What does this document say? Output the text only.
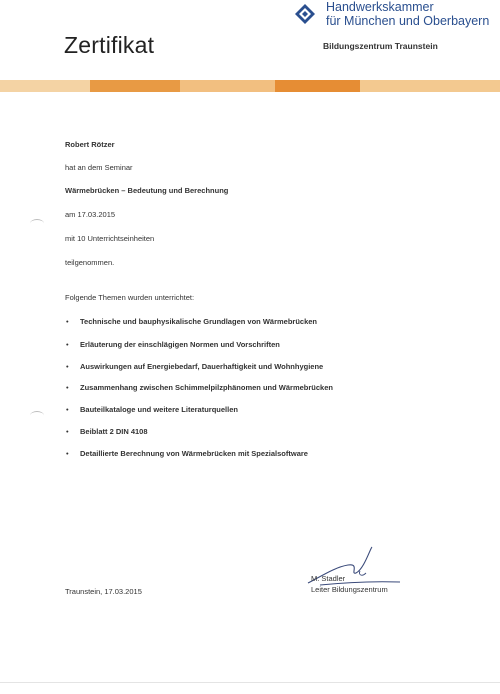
Handwerkskammer
für München und Oberbayern
Zertifikat	Bildungszentrum Traunstein
Robert Rötzer
hat an dem Seminar
Wärmebrücken – Bedeutung und Berechnung
am 17.03.2015
mit 10 Unterrichtseinheiten
teilgenommen.
Folgende Themen wurden unterrichtet:
• Technische und bauphysikalische Grundlagen von Wärmebrücken
• Erläuterung der einschlägigen Normen und Vorschriften
• Auswirkungen auf Energiebedarf, Dauerhaftigkeit und Wohnhygiene
• Zusammenhang zwischen Schimmelpilzphänomen und Wärmebrücken
• Bauteilkataloge und weitere Literaturquellen
• Beiblatt 2 DIN 4108
• Detaillierte Berechnung von Wärmebrücken mit Spezialsoftware
Traunstein, 17.03.2015
M. Stadler
Leiter Bildungszentrum
